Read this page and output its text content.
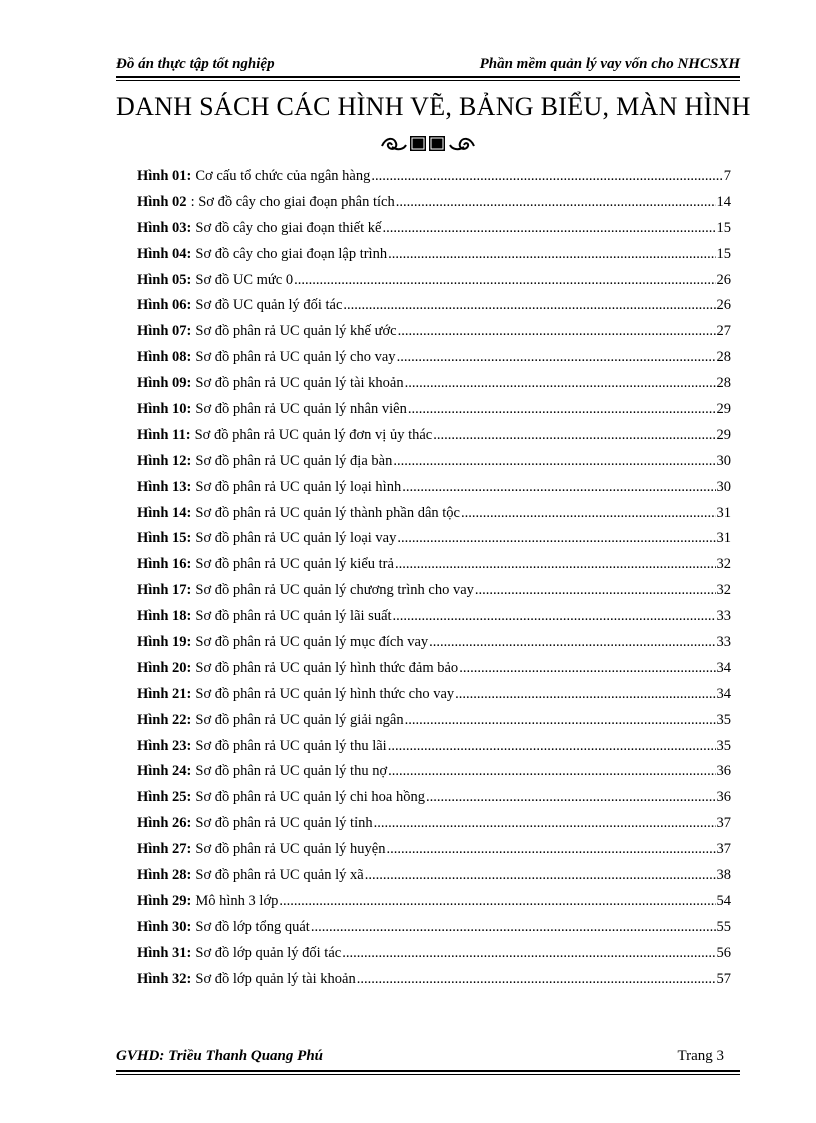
Đồ án thực tập tốt nghiệp	Phần mềm quản lý vay vốn cho NHCSXH
DANH SÁCH CÁC HÌNH VẼ, BẢNG BIỂU, MÀN HÌNH
Hình 01: Cơ cấu tổ chức của ngân hàng .....	7
Hình 02 : Sơ đồ cây cho giai đoạn phân tích .....	14
Hình 03: Sơ đồ cây cho giai đoạn thiết kế .....	15
Hình 04: Sơ đồ cây cho giai đoạn lập trình .....	15
Hình 05: Sơ đồ UC mức 0 .....	26
Hình 06: Sơ đồ UC quản lý đối tác .....	26
Hình 07: Sơ đồ phân rả UC quản lý khế ước .....	27
Hình 08: Sơ đồ phân rả UC quản lý cho vay .....	28
Hình 09: Sơ đồ phân rả UC quản lý tài khoản .....	28
Hình 10: Sơ đồ phân rả UC quản lý nhân viên .....	29
Hình 11: Sơ đồ phân rả UC quản lý đơn vị ủy thác .....	29
Hình 12: Sơ đồ phân rả UC quản lý địa bàn .....	30
Hình 13: Sơ đồ phân rả UC quản lý loại hình .....	30
Hình 14: Sơ đồ phân rả UC quản lý thành phần dân tộc .....	31
Hình 15: Sơ đồ phân rả UC quản lý loại vay .....	31
Hình 16: Sơ đồ phân rả UC quản lý kiểu trả .....	32
Hình 17: Sơ đồ phân rả UC quản lý chương trình cho vay .....	32
Hình 18: Sơ đồ phân rả UC quản lý lãi suất .....	33
Hình 19: Sơ đồ phân rả UC quản lý mục đích vay .....	33
Hình 20: Sơ đồ phân rả UC quản lý hình thức đảm bảo .....	34
Hình 21: Sơ đồ phân rả UC quản lý hình thức cho vay .....	34
Hình 22: Sơ đồ phân rả UC quản lý giải ngân .....	35
Hình 23: Sơ đồ phân rả UC quản lý thu lãi .....	35
Hình 24: Sơ đồ phân rả UC quản lý thu nợ .....	36
Hình 25: Sơ đồ phân rả UC quản lý chi hoa hồng .....	36
Hình 26: Sơ đồ phân rả UC quản lý tỉnh .....	37
Hình 27: Sơ đồ phân rả UC quản lý huyện .....	37
Hình 28: Sơ đồ phân rả UC quản lý xã .....	38
Hình 29: Mô hình 3 lớp .....	54
Hình 30: Sơ đồ lớp tổng quát .....	55
Hình 31: Sơ đồ lớp quản lý đối tác .....	56
Hình 32: Sơ đồ lớp quản lý tài khoản .....	57
GVHD: Triều Thanh Quang Phú	Trang 3
